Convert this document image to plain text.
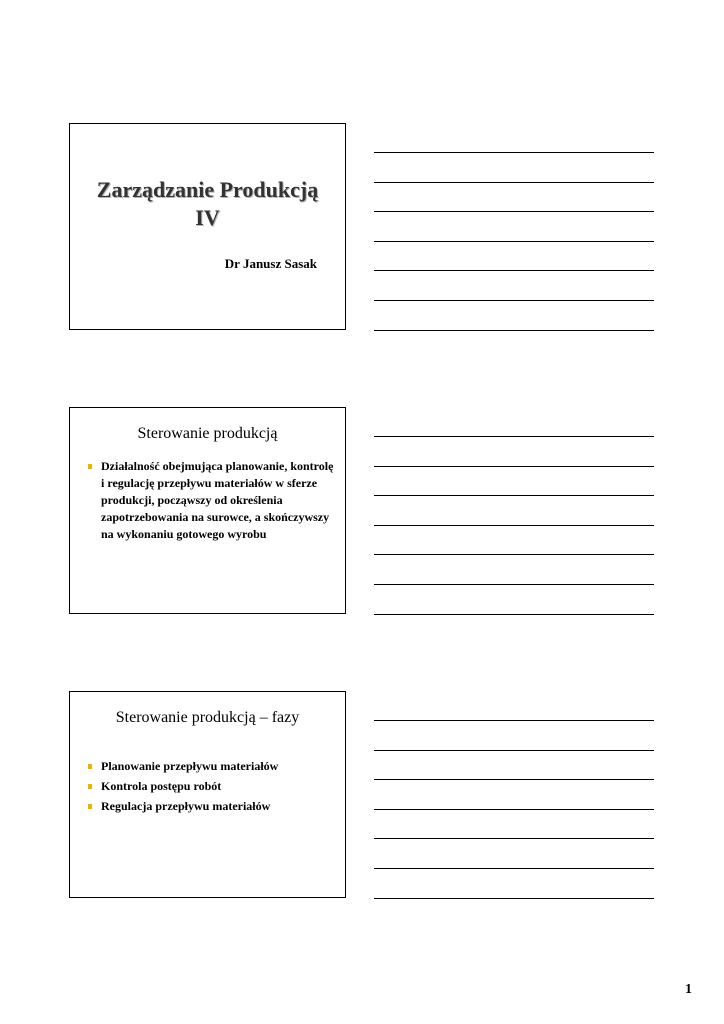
Zarządzanie Produkcją
IV
Dr Janusz Sasak
Sterowanie produkcją
Działalność obejmująca planowanie, kontrolę i regulację przepływu materiałów w sferze produkcji, począwszy od określenia zapotrzebowania na surowce, a skończywszy na wykonaniu gotowego wyrobu
Sterowanie produkcją – fazy
Planowanie przepływu materiałów
Kontrola postępu robót
Regulacja przepływu materiałów
1
